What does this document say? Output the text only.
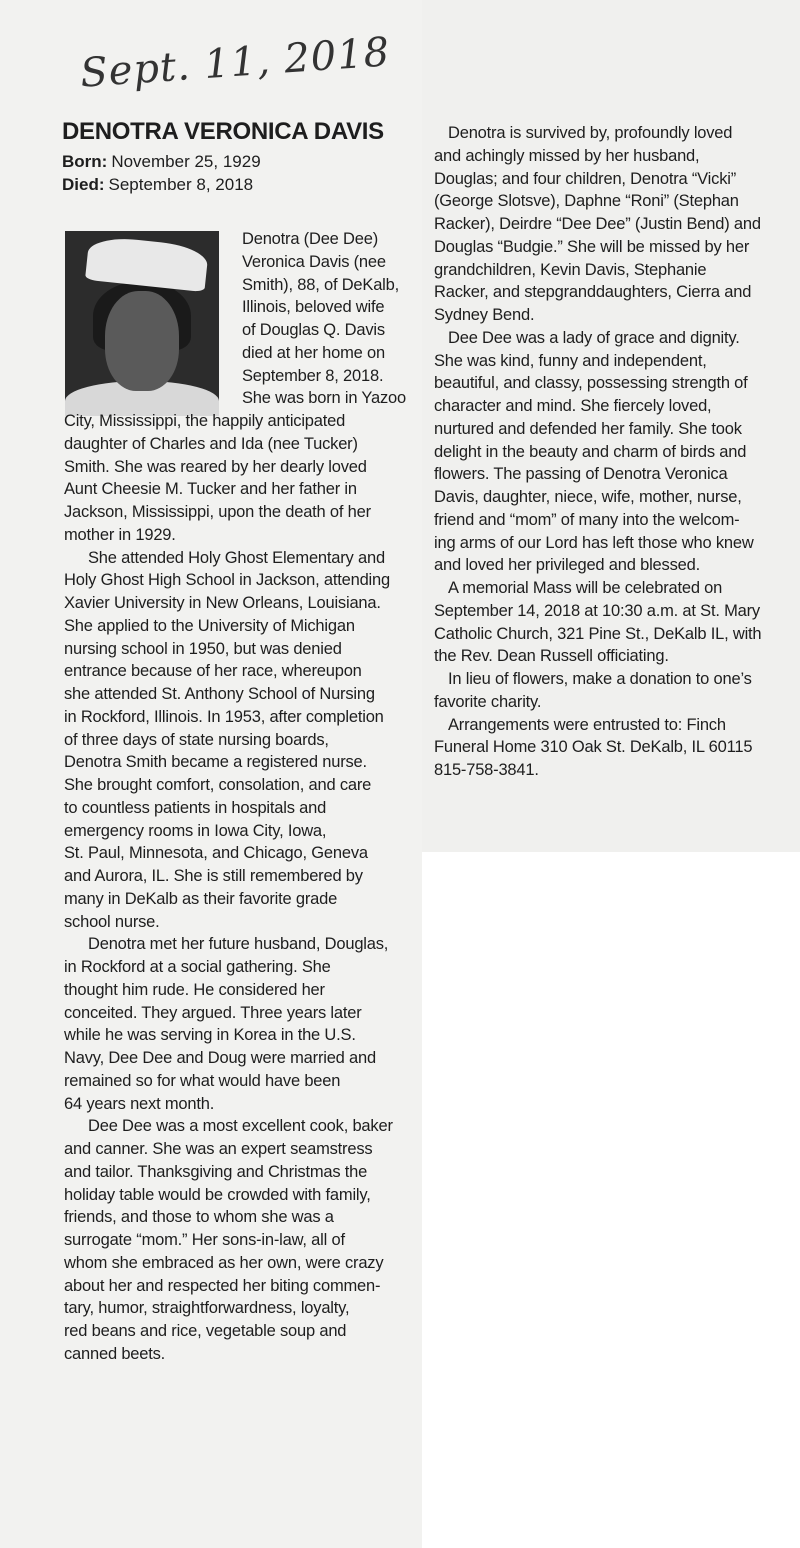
Sept. 11, 2018
DENOTRA VERONICA DAVIS
Born: November 25, 1929
Died: September 8, 2018
Denotra (Dee Dee)
Veronica Davis (nee
Smith), 88, of DeKalb,
Illinois, beloved wife
of Douglas Q. Davis
died at her home on
September 8, 2018.
She was born in Yazoo
City, Mississippi, the happily anticipated
daughter of Charles and Ida (nee Tucker)
Smith. She was reared by her dearly loved
Aunt Cheesie M. Tucker and her father in
Jackson, Mississippi, upon the death of her
mother in 1929.
She attended Holy Ghost Elementary and
Holy Ghost High School in Jackson, attending
Xavier University in New Orleans, Louisiana.
She applied to the University of Michigan
nursing school in 1950, but was denied
entrance because of her race, whereupon
she attended St. Anthony School of Nursing
in Rockford, Illinois. In 1953, after completion
of three days of state nursing boards,
Denotra Smith became a registered nurse.
She brought comfort, consolation, and care
to countless patients in hospitals and
emergency rooms in Iowa City, Iowa,
St. Paul, Minnesota, and Chicago, Geneva
and Aurora, IL. She is still remembered by
many in DeKalb as their favorite grade
school nurse.
Denotra met her future husband, Douglas,
in Rockford at a social gathering. She
thought him rude. He considered her
conceited. They argued. Three years later
while he was serving in Korea in the U.S.
Navy, Dee Dee and Doug were married and
remained so for what would have been
64 years next month.
Dee Dee was a most excellent cook, baker
and canner. She was an expert seamstress
and tailor. Thanksgiving and Christmas the
holiday table would be crowded with family,
friends, and those to whom she was a
surrogate “mom.” Her sons-in-law, all of
whom she embraced as her own, were crazy
about her and respected her biting commen-
tary, humor, straightforwardness, loyalty,
red beans and rice, vegetable soup and
canned beets.
Denotra is survived by, profoundly loved
and achingly missed by her husband,
Douglas; and four children, Denotra “Vicki”
(George Slotsve), Daphne “Roni” (Stephan
Racker), Deirdre “Dee Dee” (Justin Bend) and
Douglas “Budgie.” She will be missed by her
grandchildren, Kevin Davis, Stephanie
Racker, and stepgranddaughters, Cierra and
Sydney Bend.
Dee Dee was a lady of grace and dignity.
She was kind, funny and independent,
beautiful, and classy, possessing strength of
character and mind. She fiercely loved,
nurtured and defended her family. She took
delight in the beauty and charm of birds and
flowers. The passing of Denotra Veronica
Davis, daughter, niece, wife, mother, nurse,
friend and “mom” of many into the welcom-
ing arms of our Lord has left those who knew
and loved her privileged and blessed.
A memorial Mass will be celebrated on
September 14, 2018 at 10:30 a.m. at St. Mary
Catholic Church, 321 Pine St., DeKalb IL, with
the Rev. Dean Russell officiating.
In lieu of flowers, make a donation to one’s
favorite charity.
Arrangements were entrusted to: Finch
Funeral Home 310 Oak St. DeKalb, IL 60115
815-758-3841.
